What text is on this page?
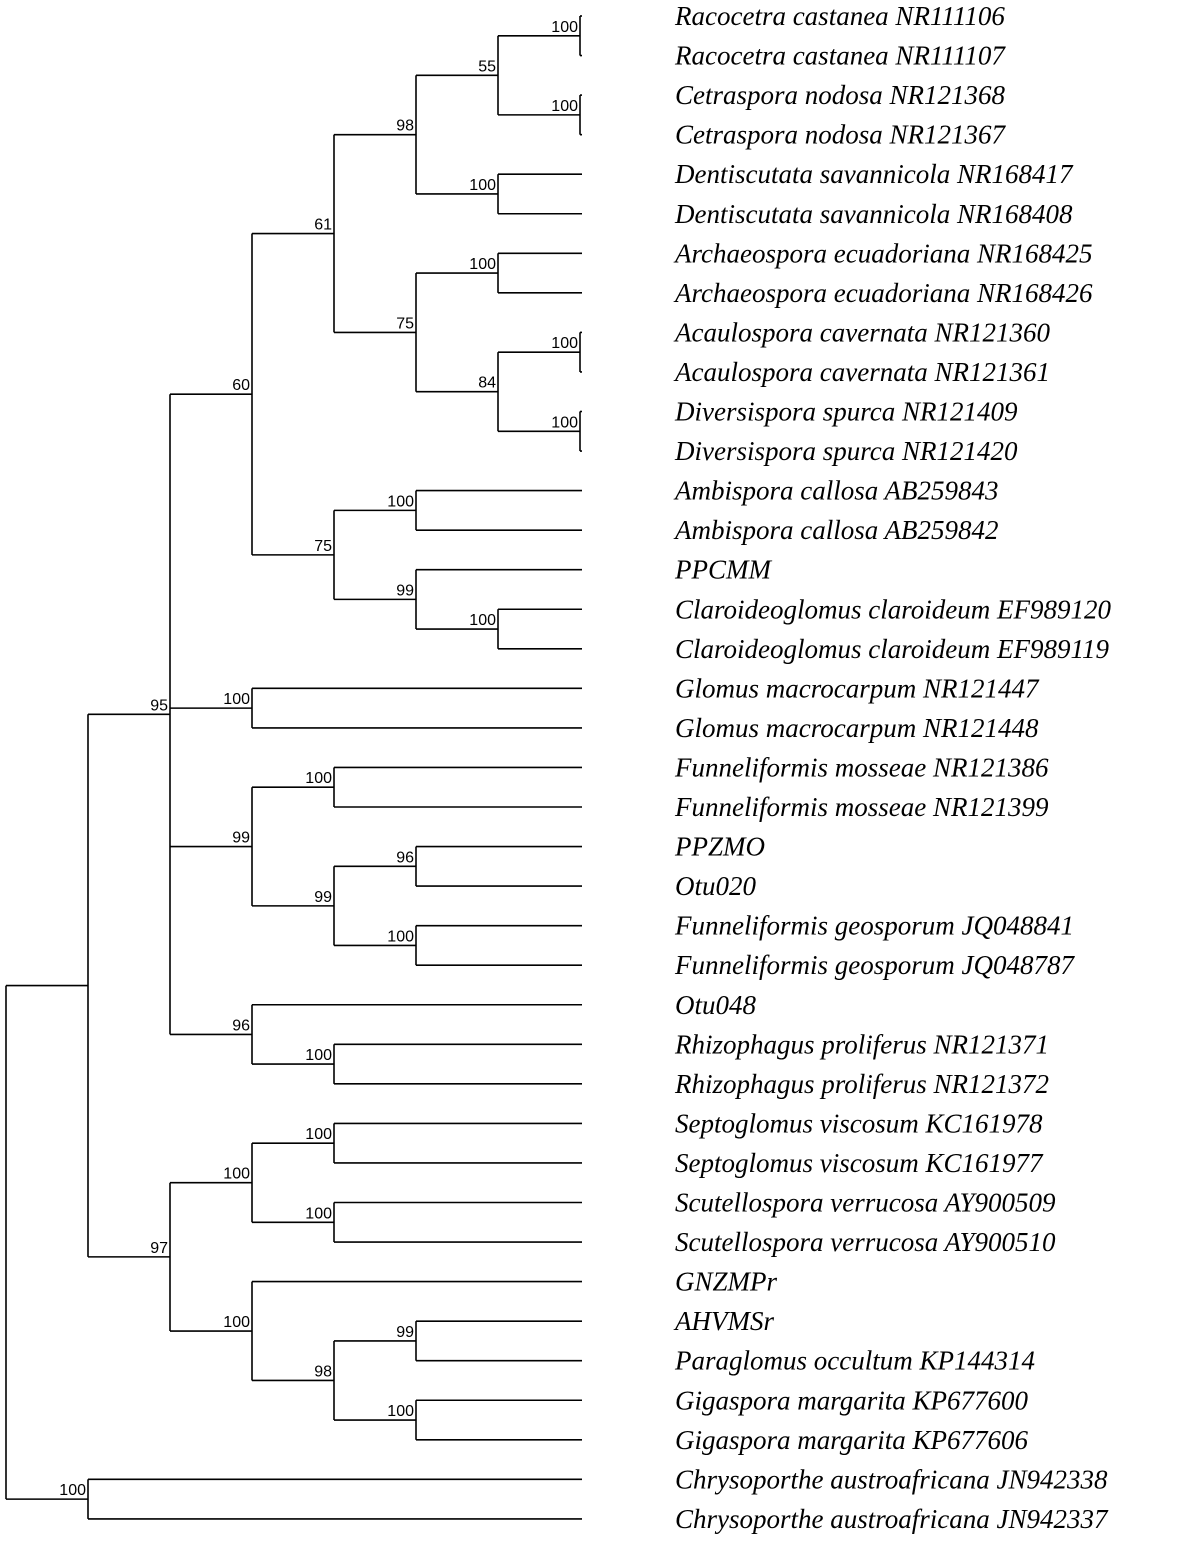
100
100
55
100
98
100
100
100
84
75
61
100
100
99
75
60
100
100
96
100
99
99
100
96
95
100
100
100
99
100
98
100
97
100
Racocetra castanea NR111106
Racocetra castanea NR111107
Cetraspora nodosa NR121368
Cetraspora nodosa NR121367
Dentiscutata savannicola NR168417
Dentiscutata savannicola NR168408
Archaeospora ecuadoriana NR168425
Archaeospora ecuadoriana NR168426
Acaulospora cavernata NR121360
Acaulospora cavernata NR121361
Diversispora spurca NR121409
Diversispora spurca NR121420
Ambispora callosa AB259843
Ambispora callosa AB259842
PPCMM
Claroideoglomus claroideum EF989120
Claroideoglomus claroideum EF989119
Glomus macrocarpum NR121447
Glomus macrocarpum NR121448
Funneliformis mosseae NR121386
Funneliformis mosseae NR121399
PPZMO
Otu020
Funneliformis geosporum JQ048841
Funneliformis geosporum JQ048787
Otu048
Rhizophagus proliferus NR121371
Rhizophagus proliferus NR121372
Septoglomus viscosum KC161978
Septoglomus viscosum KC161977
Scutellospora verrucosa AY900509
Scutellospora verrucosa AY900510
GNZMPr
AHVMSr
Paraglomus occultum KP144314
Gigaspora margarita KP677600
Gigaspora margarita KP677606
Chrysoporthe austroafricana JN942338
Chrysoporthe austroafricana JN942337
